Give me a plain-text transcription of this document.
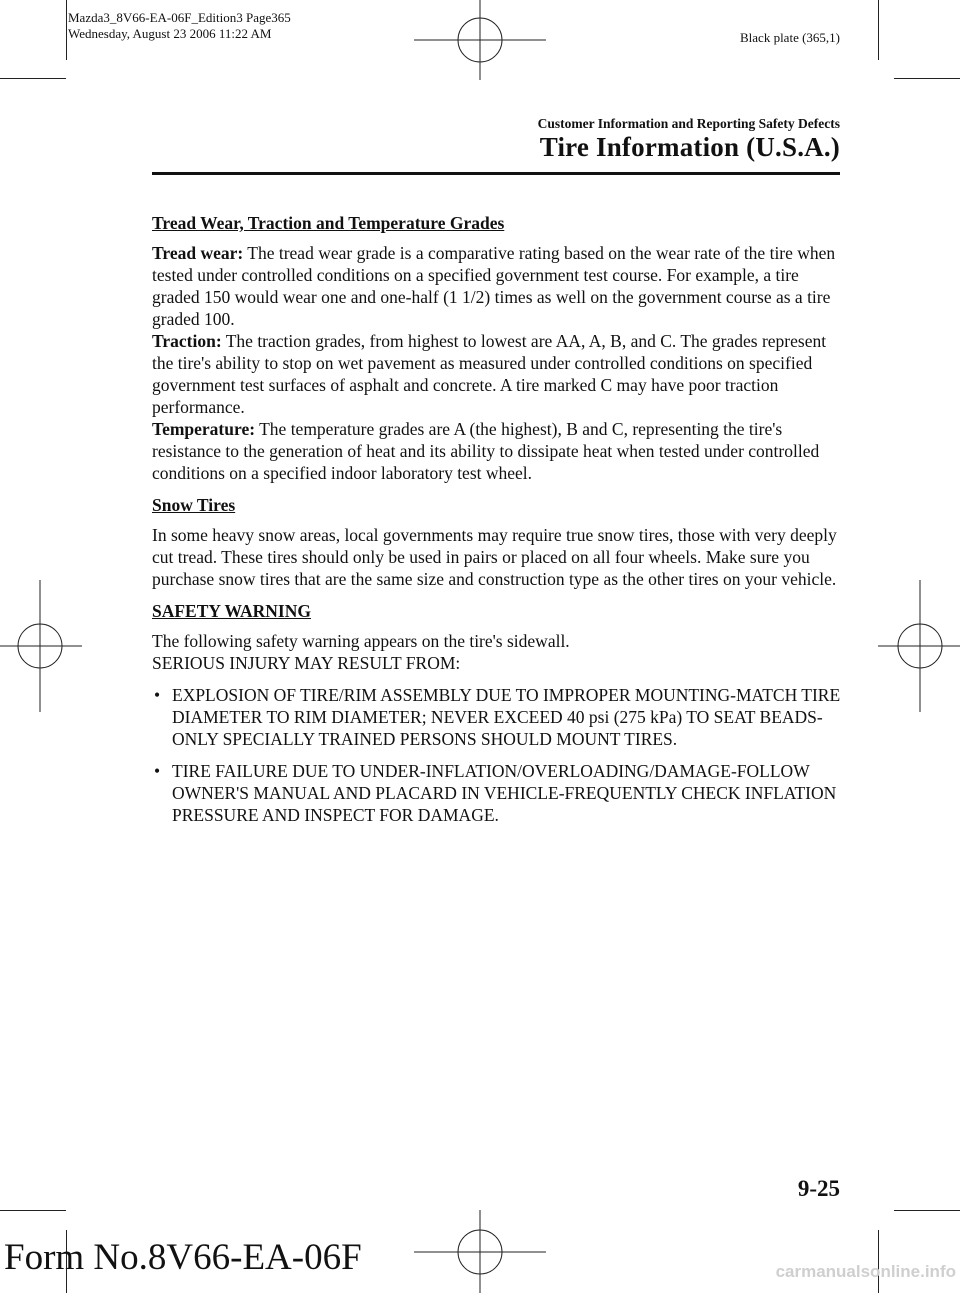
Mazda3_8V66-EA-06F_Edition3 Page365
Wednesday, August 23 2006 11:22 AM	Black plate (365,1)
Customer Information and Reporting Safety Defects
Tire Information (U.S.A.)

Tread Wear, Traction and Temperature Grades

Tread wear: The tread wear grade is a comparative rating based on the wear rate of the tire when tested under controlled conditions on a specified government test course. For example, a tire graded 150 would wear one and one-half (1 1/2) times as well on the government course as a tire graded 100.

Traction: The traction grades, from highest to lowest are AA, A, B, and C. The grades represent the tire's ability to stop on wet pavement as measured under controlled conditions on specified government test surfaces of asphalt and concrete. A tire marked C may have poor traction performance.

Temperature: The temperature grades are A (the highest), B and C, representing the tire's resistance to the generation of heat and its ability to dissipate heat when tested under controlled conditions on a specified indoor laboratory test wheel.

Snow Tires

In some heavy snow areas, local governments may require true snow tires, those with very deeply cut tread. These tires should only be used in pairs or placed on all four wheels. Make sure you purchase snow tires that are the same size and construction type as the other tires on your vehicle.

SAFETY WARNING

The following safety warning appears on the tire's sidewall.

SERIOUS INJURY MAY RESULT FROM:

• EXPLOSION OF TIRE/RIM ASSEMBLY DUE TO IMPROPER MOUNTING-MATCH TIRE DIAMETER TO RIM DIAMETER; NEVER EXCEED 40 psi (275 kPa) TO SEAT BEADS-ONLY SPECIALLY TRAINED PERSONS SHOULD MOUNT TIRES.
• TIRE FAILURE DUE TO UNDER-INFLATION/OVERLOADING/DAMAGE-FOLLOW OWNER'S MANUAL AND PLACARD IN VEHICLE-FREQUENTLY CHECK INFLATION PRESSURE AND INSPECT FOR DAMAGE.
9-25
Form No.8V66-EA-06F	carmanualsonline.info
